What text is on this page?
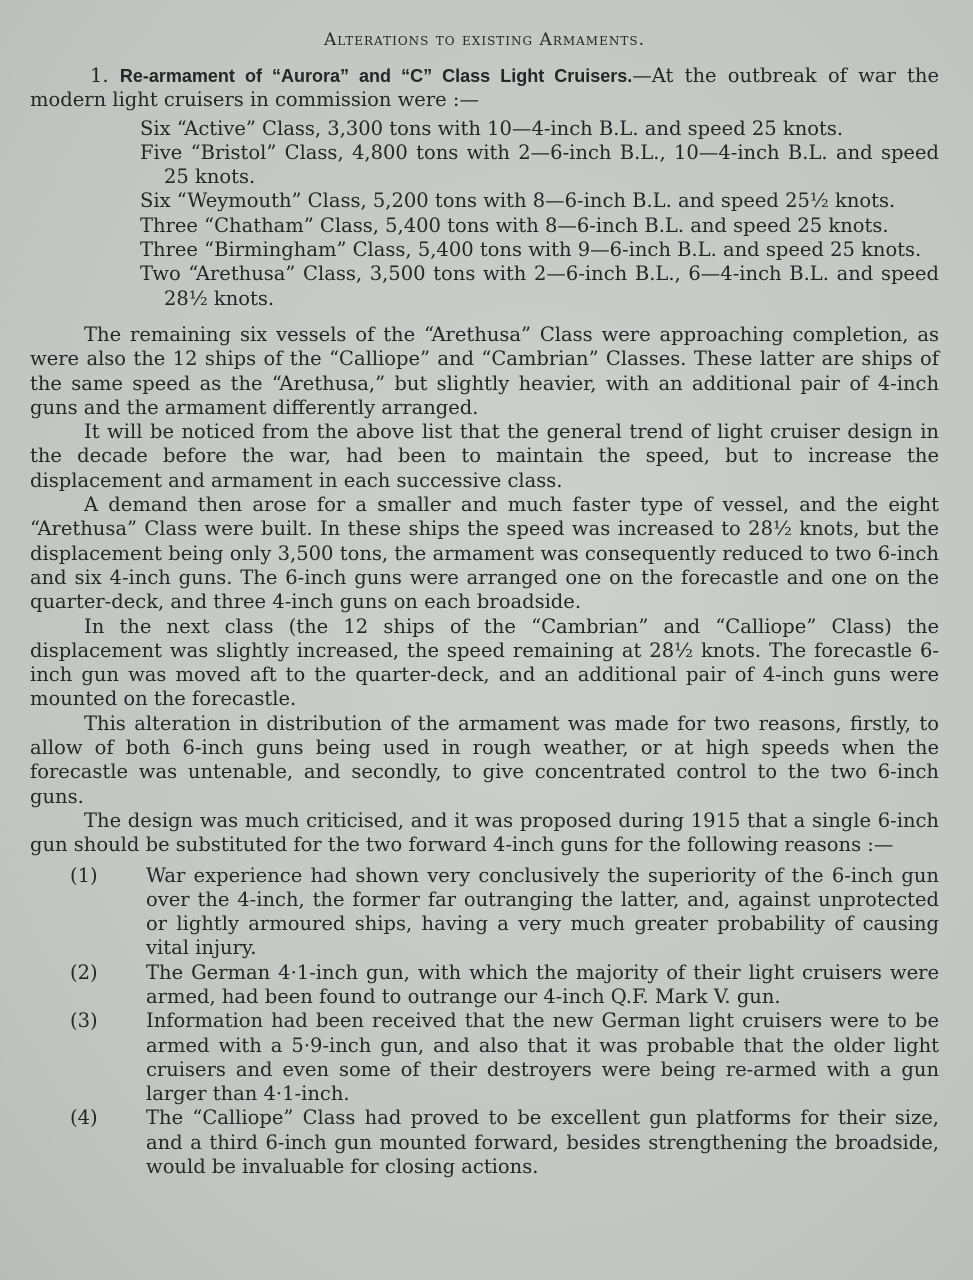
Alterations to existing Armaments.

1. Re-armament of “Aurora” and “C” Class Light Cruisers.—At the outbreak of war the modern light cruisers in commission were :—

Six “Active” Class, 3,300 tons with 10—4-inch B.L. and speed 25 knots.
Five “Bristol” Class, 4,800 tons with 2—6-inch B.L., 10—4-inch B.L. and speed 25 knots.
Six “Weymouth” Class, 5,200 tons with 8—6-inch B.L. and speed 25½ knots.
Three “Chatham” Class, 5,400 tons with 8—6-inch B.L. and speed 25 knots.
Three “Birmingham” Class, 5,400 tons with 9—6-inch B.L. and speed 25 knots.
Two “Arethusa” Class, 3,500 tons with 2—6-inch B.L., 6—4-inch B.L. and speed 28½ knots.

The remaining six vessels of the “Arethusa” Class were approaching completion, as were also the 12 ships of the “Calliope” and “Cambrian” Classes. These latter are ships of the same speed as the “Arethusa,” but slightly heavier, with an additional pair of 4-inch guns and the armament differently arranged.

It will be noticed from the above list that the general trend of light cruiser design in the decade before the war, had been to maintain the speed, but to increase the displacement and armament in each successive class.

A demand then arose for a smaller and much faster type of vessel, and the eight “Arethusa” Class were built. In these ships the speed was increased to 28½ knots, but the displacement being only 3,500 tons, the armament was consequently reduced to two 6-inch and six 4-inch guns. The 6-inch guns were arranged one on the forecastle and one on the quarter-deck, and three 4-inch guns on each broadside.

In the next class (the 12 ships of the “Cambrian” and “Calliope” Class) the displacement was slightly increased, the speed remaining at 28½ knots. The forecastle 6-inch gun was moved aft to the quarter-deck, and an additional pair of 4-inch guns were mounted on the forecastle.

This alteration in distribution of the armament was made for two reasons, firstly, to allow of both 6-inch guns being used in rough weather, or at high speeds when the forecastle was untenable, and secondly, to give concentrated control to the two 6-inch guns.

The design was much criticised, and it was proposed during 1915 that a single 6-inch gun should be substituted for the two forward 4-inch guns for the following reasons :—

(1) War experience had shown very conclusively the superiority of the 6-inch gun over the 4-inch, the former far outranging the latter, and, against unprotected or lightly armoured ships, having a very much greater probability of causing vital injury.
(2) The German 4·1-inch gun, with which the majority of their light cruisers were armed, had been found to outrange our 4-inch Q.F. Mark V. gun.
(3) Information had been received that the new German light cruisers were to be armed with a 5·9-inch gun, and also that it was probable that the older light cruisers and even some of their destroyers were being re-armed with a gun larger than 4·1-inch.
(4) The “Calliope” Class had proved to be excellent gun platforms for their size, and a third 6-inch gun mounted forward, besides strengthening the broadside, would be invaluable for closing actions.
